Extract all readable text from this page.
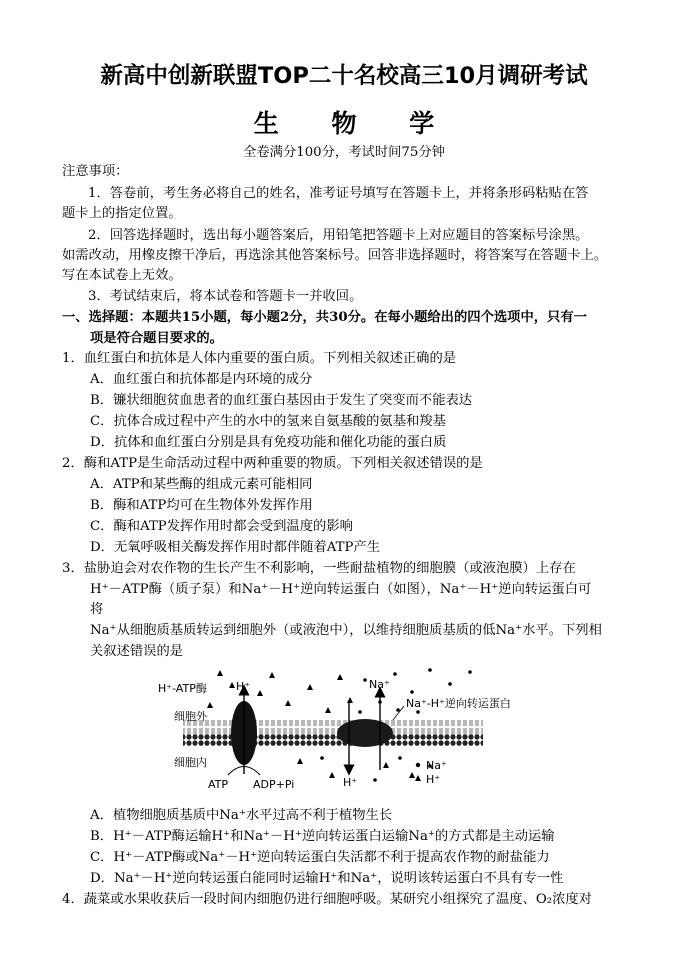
新高中创新联盟TOP二十名校高三10月调研考试
生 物 学
全卷满分100分，考试时间75分钟
注意事项：
1．答卷前，考生务必将自己的姓名，准考证号填写在答题卡上，并将条形码粘贴在答
题卡上的指定位置。
2．回答选择题时，选出每小题答案后，用铅笔把答题卡上对应题目的答案标号涂黑。
如需改动，用橡皮擦干净后，再选涂其他答案标号。回答非选择题时，将答案写在答题卡上。
写在本试卷上无效。
3．考试结束后，将本试卷和答题卡一并收回。
一、选择题：本题共15小题，每小题2分，共30分。在每小题给出的四个选项中，只有一
项是符合题目要求的。
1．血红蛋白和抗体是人体内重要的蛋白质。下列相关叙述正确的是
A．血红蛋白和抗体都是内环境的成分
B．镰状细胞贫血患者的血红蛋白基因由于发生了突变而不能表达
C．抗体合成过程中产生的水中的氢来自氨基酸的氨基和羧基
D．抗体和血红蛋白分别是具有免疫功能和催化功能的蛋白质
2．酶和ATP是生命活动过程中两种重要的物质。下列相关叙述错误的是
A．ATP和某些酶的组成元素可能相同
B．酶和ATP均可在生物体外发挥作用
C．酶和ATP发挥作用时都会受到温度的影响
D．无氧呼吸相关酶发挥作用时都伴随着ATP产生
3．盐胁迫会对农作物的生长产生不利影响，一些耐盐植物的细胞膜（或液泡膜）上存在
H⁺－ATP酶（质子泵）和Na⁺－H⁺逆向转运蛋白（如图），Na⁺－H⁺逆向转运蛋白可
将
Na⁺从细胞质基质转运到细胞外（或液泡中），以维持细胞质基质的低Na⁺水平。下列相
关叙述错误的是
H⁺-ATP酶	H⁺	Na⁺
Na⁺-H⁺逆向转运蛋白
细胞外
细胞内
ATP ADP+Pi	H⁺
Na⁺
H⁺
A．植物细胞质基质中Na⁺水平过高不利于植物生长
B．H⁺－ATP酶运输H⁺和Na⁺－H⁺逆向转运蛋白运输Na⁺的方式都是主动运输
C．H⁺－ATP酶或Na⁺－H⁺逆向转运蛋白失活都不利于提高农作物的耐盐能力
D．Na⁺－H⁺逆向转运蛋白能同时运输H⁺和Na⁺，说明该转运蛋白不具有专一性
4．蔬菜或水果收获后一段时间内细胞仍进行细胞呼吸。某研究小组探究了温度、O₂浓度对
